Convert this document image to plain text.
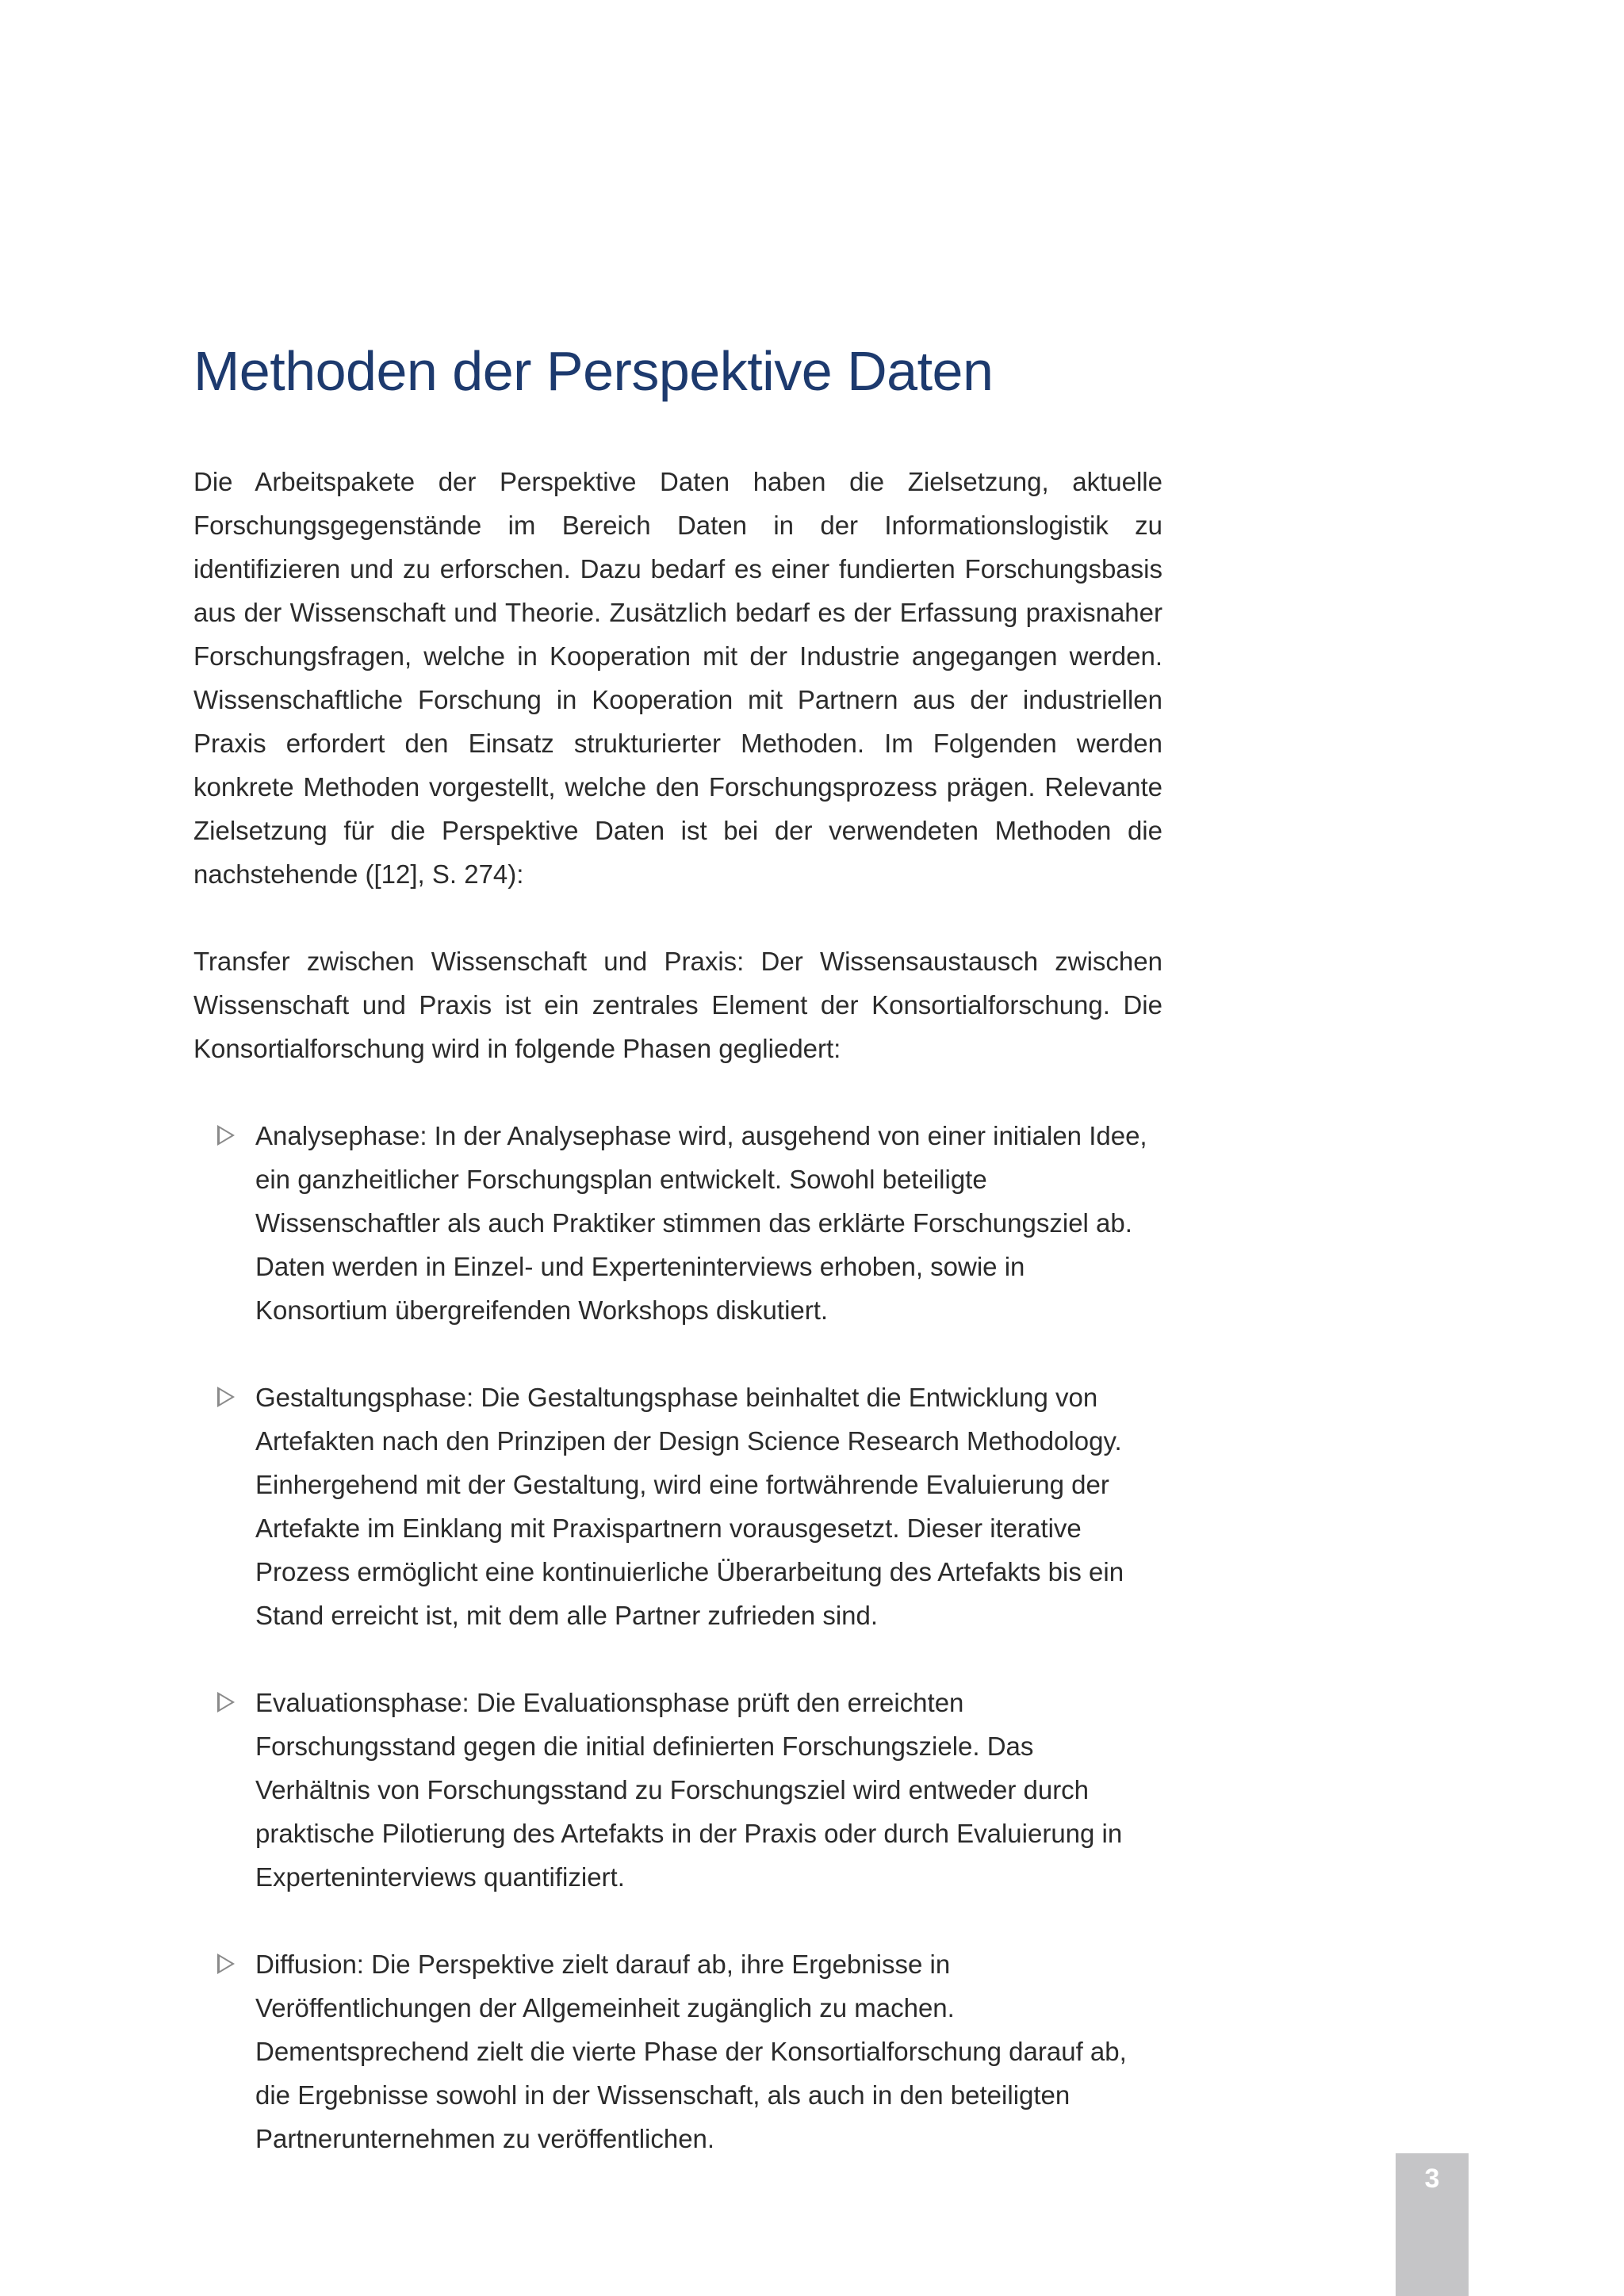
Methoden der Perspektive Daten

Die Arbeitspakete der Perspektive Daten haben die Zielsetzung, aktuelle Forschungsgegenstände im Bereich Daten in der Informationslogistik zu identifizieren und zu erforschen. Dazu bedarf es einer fundierten Forschungsbasis aus der Wissenschaft und Theorie. Zusätzlich bedarf es der Erfassung praxisnaher Forschungsfragen, welche in Kooperation mit der Industrie angegangen werden. Wissenschaftliche Forschung in Kooperation mit Partnern aus der industriellen Praxis erfordert den Einsatz strukturierter Methoden. Im Folgenden werden konkrete Methoden vorgestellt, welche den Forschungsprozess prägen. Relevante Zielsetzung für die Perspektive Daten ist bei der verwendeten Methoden die nachstehende ([12], S. 274):

Transfer zwischen Wissenschaft und Praxis: Der Wissensaustausch zwischen Wissenschaft und Praxis ist ein zentrales Element der Konsortialforschung. Die Konsortialforschung wird in folgende Phasen gegliedert:

Analysephase: In der Analysephase wird, ausgehend von einer initialen Idee, ein ganzheitlicher Forschungsplan entwickelt. Sowohl beteiligte Wissenschaftler als auch Praktiker stimmen das erklärte Forschungsziel ab. Daten werden in Einzel- und Experteninterviews erhoben, sowie in Konsortium übergreifenden Workshops diskutiert.
Gestaltungsphase: Die Gestaltungsphase beinhaltet die Entwicklung von Artefakten nach den Prinzipen der Design Science Research Methodology. Einhergehend mit der Gestaltung, wird eine fortwährende Evaluierung der Artefakte im Einklang mit Praxispartnern vorausgesetzt. Dieser iterative Prozess ermöglicht eine kontinuierliche Überarbeitung des Artefakts bis ein Stand erreicht ist, mit dem alle Partner zufrieden sind.
Evaluationsphase: Die Evaluationsphase prüft den erreichten Forschungsstand gegen die initial definierten Forschungsziele. Das Verhältnis von Forschungsstand zu Forschungsziel wird entweder durch praktische Pilotierung des Artefakts in der Praxis oder durch Evaluierung in Experteninterviews quantifiziert.
Diffusion: Die Perspektive zielt darauf ab, ihre Ergebnisse in Veröffentlichungen der Allgemeinheit zugänglich zu machen. Dementsprechend zielt die vierte Phase der Konsortialforschung darauf ab, die Ergebnisse sowohl in der Wissenschaft, als auch in den beteiligten Partnerunternehmen zu veröffentlichen.
3
